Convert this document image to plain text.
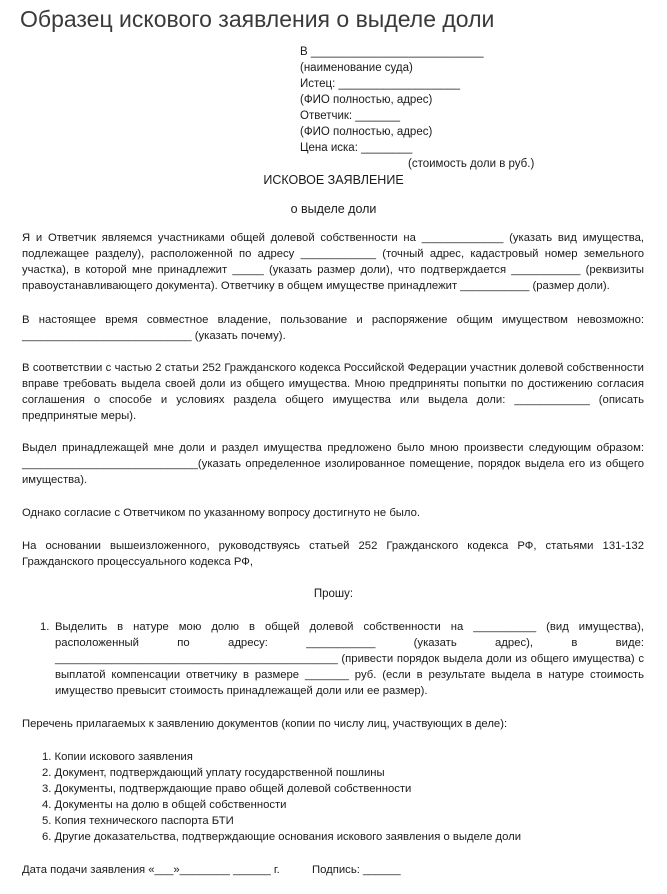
Образец искового заявления о выделе доли
В ___________________________
(наименование суда)
Истец: ___________________
(ФИО полностью, адрес)
Ответчик: _______
(ФИО полностью, адрес)
Цена иска: ________
(стоимость доли в руб.)
ИСКОВОЕ ЗАЯВЛЕНИЕ
о выделе доли
Я и Ответчик являемся участниками общей долевой собственности на _____________ (указать вид имущества, подлежащее разделу), расположенной по адресу ____________ (точный адрес, кадастровый номер земельного участка), в которой мне принадлежит _____ (указать размер доли), что подтверждается ___________ (реквизиты правоустанавливающего документа). Ответчику в общем имуществе принадлежит ___________ (размер доли).
В настоящее время совместное владение, пользование и распоряжение общим имуществом невозможно: ___________________________ (указать почему).
В соответствии с частью 2 статьи 252 Гражданского кодекса Российской Федерации участник долевой собственности вправе требовать выдела своей доли из общего имущества. Мною предприняты попытки по достижению согласия соглашения о способе и условиях раздела общего имущества или выдела доли: ____________ (описать предпринятые меры).
Выдел принадлежащей мне доли и раздел имущества предложено было мною произвести следующим образом: ____________________________(указать определенное изолированное помещение, порядок выдела его из общего имущества).
Однако согласие с Ответчиком по указанному вопросу достигнуто не было.
На основании вышеизложенного, руководствуясь статьей 252 Гражданского кодекса РФ, статьями 131-132 Гражданского процессуального кодекса РФ,
Прошу:
1. Выделить в натуре мою долю в общей долевой собственности на __________ (вид имущества), расположенный по адресу: ___________ (указать адрес), в виде: _____________________________________________ (привести порядок выдела доли из общего имущества) с выплатой компенсации ответчику в размере _______ руб. (если в результате выдела в натуре стоимость имущество превысит стоимость принадлежащей доли или ее размер).
Перечень прилагаемых к заявлению документов (копии по числу лиц, участвующих в деле):
1. Копии искового заявления
2. Документ, подтверждающий уплату государственной пошлины
3. Документы, подтверждающие право общей долевой собственности
4. Документы на долю в общей собственности
5. Копия технического паспорта БТИ
6. Другие доказательства, подтверждающие основания искового заявления о выделе доли
Дата подачи заявления «___»________ ______ г.	Подпись: ______
